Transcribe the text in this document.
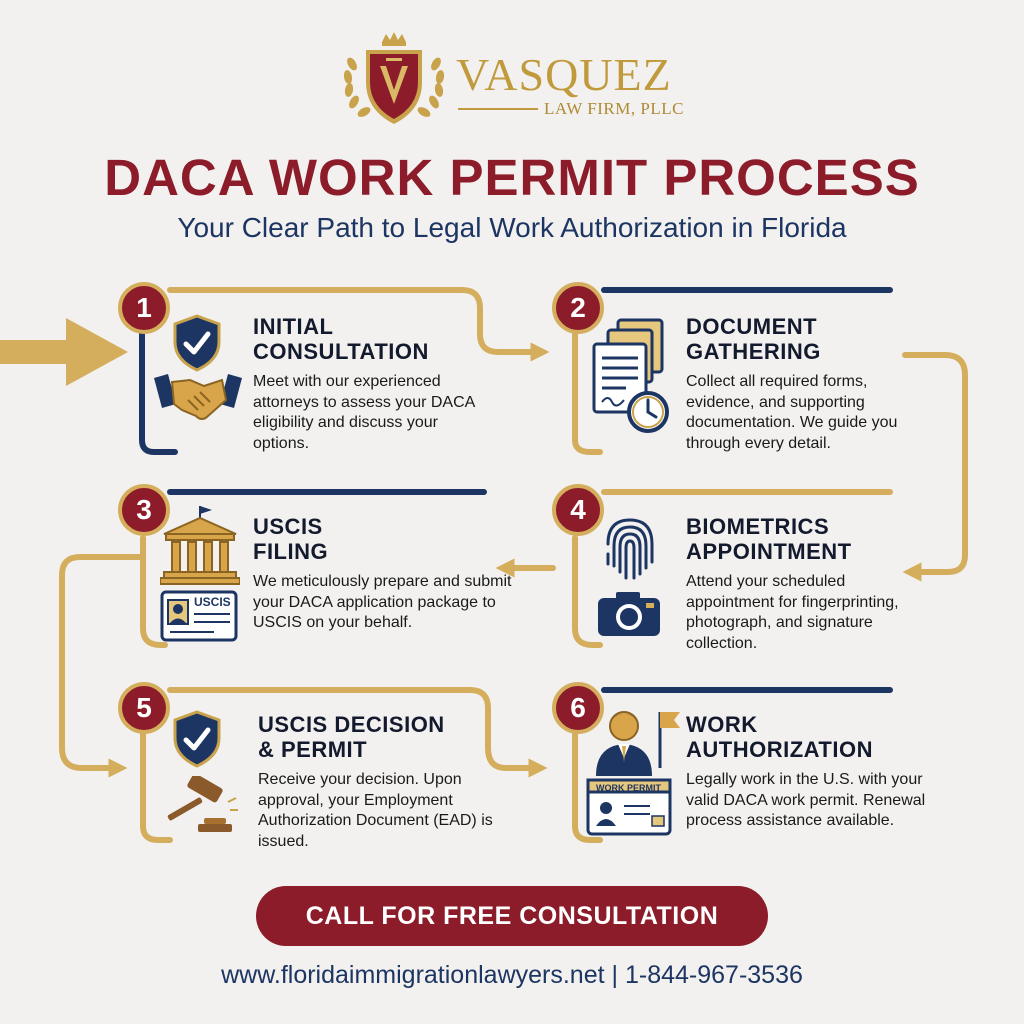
VASQUEZ
LAW FIRM, PLLC
DACA WORK PERMIT PROCESS
Your Clear Path to Legal Work Authorization in Florida
1
INITIAL
CONSULTATION
Meet with our experienced attorneys to assess your DACA eligibility and discuss your options.
2
DOCUMENT
GATHERING
Collect all required forms, evidence, and supporting documentation. We guide you through every detail.
3
USCIS
USCIS
FILING
We meticulously prepare and submit your DACA application package to USCIS on your behalf.
4
BIOMETRICS
APPOINTMENT
Attend your scheduled appointment for fingerprinting, photograph, and signature collection.
5
USCIS DECISION
& PERMIT
Receive your decision. Upon approval, your Employment Authorization Document (EAD) is issued.
6
WORK PERMIT
WORK
AUTHORIZATION
Legally work in the U.S. with your valid DACA work permit. Renewal process assistance available.
CALL FOR FREE CONSULTATION
www.floridaimmigrationlawyers.net | 1-844-967-3536
